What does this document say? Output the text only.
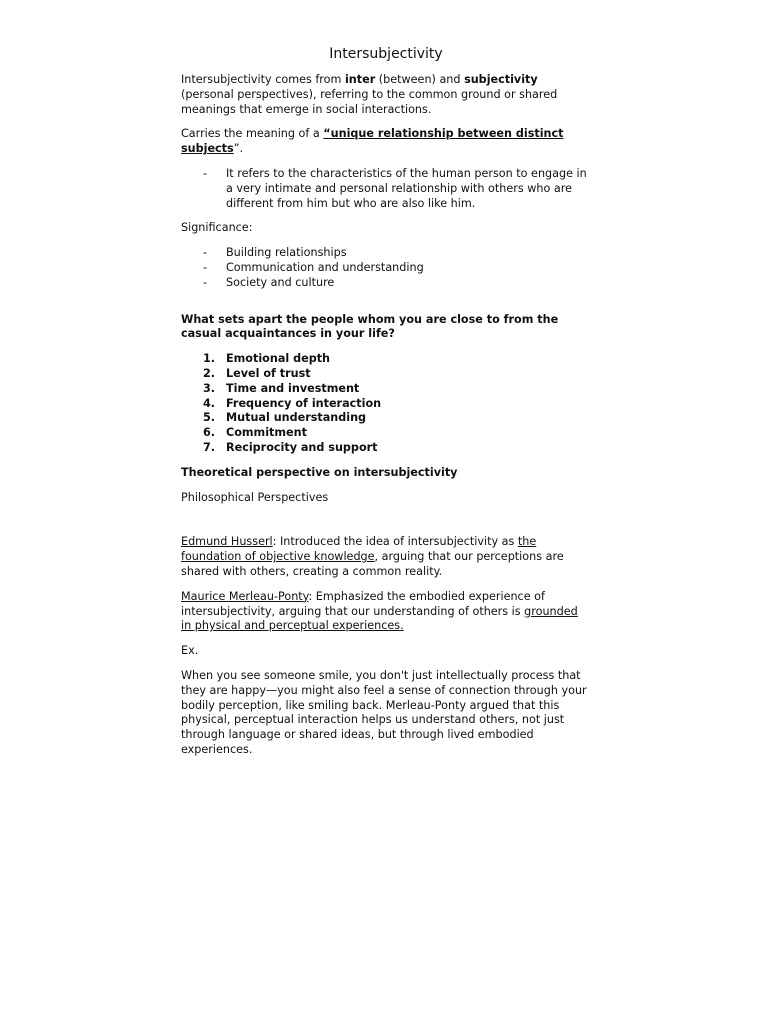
Intersubjectivity

Intersubjectivity comes from inter (between) and subjectivity (personal perspectives), referring to the common ground or shared meanings that emerge in social interactions.

Carries the meaning of a “unique relationship between distinct subjects”.

- It refers to the characteristics of the human person to engage in a very intimate and personal relationship with others who are different from him but who are also like him.

Significance:

- Building relationships
- Communication and understanding
- Society and culture

What sets apart the people whom you are close to from the casual acquaintances in your life?

1. Emotional depth
2. Level of trust
3. Time and investment
4. Frequency of interaction
5. Mutual understanding
6. Commitment
7. Reciprocity and support

Theoretical perspective on intersubjectivity

Philosophical Perspectives

Edmund Husserl: Introduced the idea of intersubjectivity as the foundation of objective knowledge, arguing that our perceptions are shared with others, creating a common reality.

Maurice Merleau-Ponty: Emphasized the embodied experience of intersubjectivity, arguing that our understanding of others is grounded in physical and perceptual experiences.

Ex.

When you see someone smile, you don't just intellectually process that they are happy—you might also feel a sense of connection through your bodily perception, like smiling back. Merleau-Ponty argued that this physical, perceptual interaction helps us understand others, not just through language or shared ideas, but through lived embodied experiences.
